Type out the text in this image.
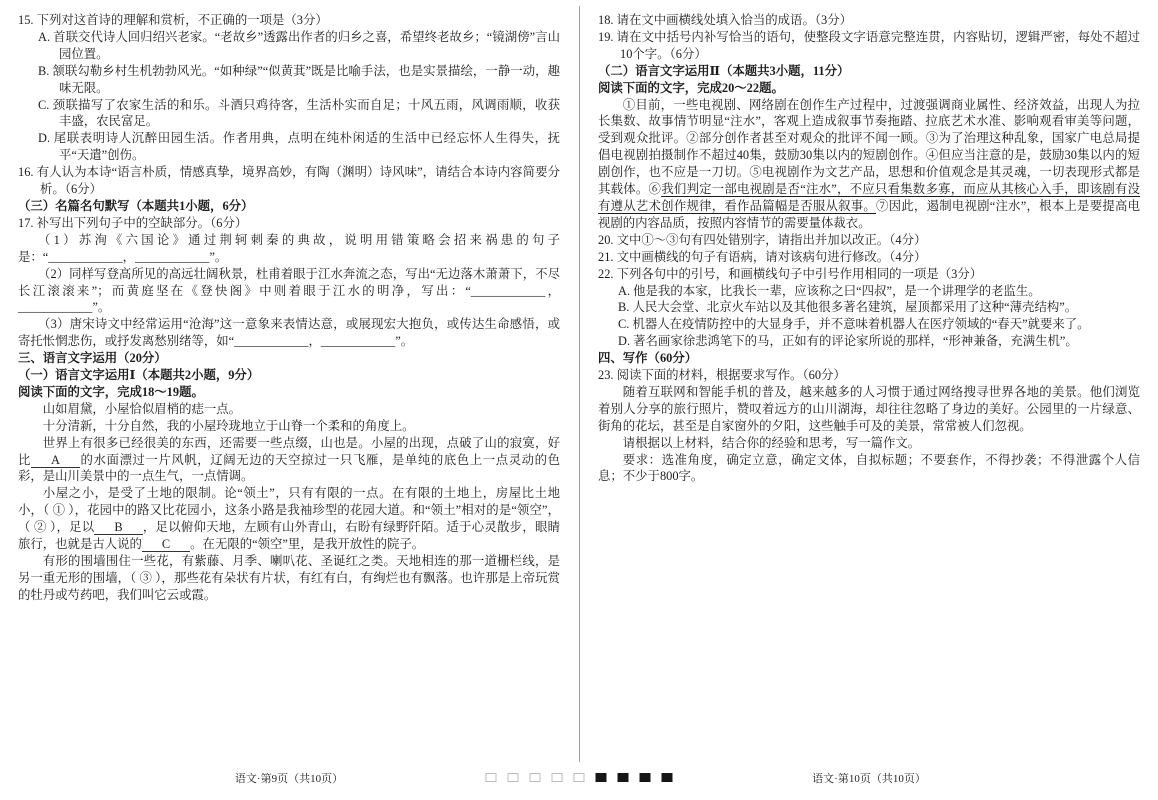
15. 下列对这首诗的理解和赏析，不正确的一项是（3分）
A. 首联交代诗人回归绍兴老家。“老故乡”透露出作者的归乡之喜，希望终老故乡；“镜湖傍”言山园位置。
B. 颔联勾勒乡村生机勃勃风光。“如种绿”“似黄萁”既是比喻手法，也是实景描绘，一静一动，趣味无限。
C. 颈联描写了农家生活的和乐。斗酒只鸡待客，生活朴实而自足；十风五雨，风调雨顺，收获丰盛，农民富足。
D. 尾联表明诗人沉醉田园生活。作者用典，点明在纯朴闲适的生活中已经忘怀人生得失，抚平“天遣”创伤。
16. 有人认为本诗“语言朴质，情感真挚，境界高妙，有陶（渊明）诗风味”，请结合本诗内容简要分析。（6分）
（三）名篇名句默写（本题共1小题，6分）
17. 补写出下列句子中的空缺部分。（6分）
（1）苏洵《六国论》通过荆轲刺秦的典故，说明用错策略会招来祸患的句子是：“____________，____________”。
（2）同样写登高所见的高远壮阔秋景，杜甫着眼于江水奔流之态，写出“无边落木萧萧下，不尽长江滚滚来”；而黄庭坚在《登快阁》中则着眼于江水的明净，写出：“____________，____________”。
（3）唐宋诗文中经常运用“沧海”这一意象来表情达意，或展现宏大抱负，或传达生命感悟，或寄托怅惘悲伤，或抒发离愁别绪等，如“____________，____________”。
三、语言文字运用（20分）
（一）语言文字运用Ⅰ（本题共2小题，9分）
阅读下面的文字，完成18～19题。
山如眉黛，小屋恰似眉梢的痣一点。
十分清新，十分自然，我的小屋玲珑地立于山脊一个柔和的角度上。
世界上有很多已经很美的东西，还需要一些点缀，山也是。小屋的出现，点破了山的寂寞，好比 A 的水面漂过一片风帆，辽阔无边的天空掠过一只飞雁，是单纯的底色上一点灵动的色彩，是山川美景中的一点生气，一点情调。
小屋之小，是受了土地的限制。论“领土”，只有有限的一点。在有限的土地上，房屋比土地小，（ ① ），花园中的路又比花园小，这条小路是我袖珍型的花园大道。和“领土”相对的是“领空”，（ ② ），足以 B ，足以俯仰天地，左顾有山外青山，右盼有绿野阡陌。适于心灵散步，眼睛旅行，也就是古人说的 C 。在无限的“领空”里，是我开放性的院子。
有形的围墙围住一些花，有紫藤、月季、喇叭花、圣诞红之类。天地相连的那一道栅栏线，是另一重无形的围墙，（ ③ ），那些花有朵状有片状，有红有白，有绚烂也有飘落。也许那是上帝玩赏的牡丹或芍药吧，我们叫它云或霞。
18. 请在文中画横线处填入恰当的成语。（3分）
19. 请在文中括号内补写恰当的语句，使整段文字语意完整连贯，内容贴切，逻辑严密，每处不超过10个字。（6分）
（二）语言文字运用Ⅱ（本题共3小题，11分）
阅读下面的文字，完成20～22题。
①目前，一些电视剧、网络剧在创作生产过程中，过渡强调商业属性、经济效益，出现人为拉长集数、故事情节明显“注水”，客观上造成叙事节奏拖踏、拉底艺术水准、影响观看审美等问题，受到观众批评。②部分创作者甚至对观众的批评不闻一顾。③为了治理这种乱象，国家广电总局提倡电视剧拍摄制作不超过40集，鼓励30集以内的短剧创作。④但应当注意的是，鼓励30集以内的短剧创作，也不应是一刀切。⑤电视剧作为文艺产品，思想和价值观念是其灵魂，一切表现形式都是其载体。⑥我们判定一部电视剧是否“注水”，不应只看集数多寡，而应从其核心入手，即该剧有没有遵从艺术创作规律，看作品篇幅是否服从叙事。⑦因此，遏制电视剧“注水”，根本上是要提高电视剧的内容品质，按照内容情节的需要量体裁衣。
20. 文中①～③句有四处错别字，请指出并加以改正。（4分）
21. 文中画横线的句子有语病，请对该病句进行修改。（4分）
22. 下列各句中的引号，和画横线句子中引号作用相同的一项是（3分）
A. 他是我的本家，比我长一辈，应该称之曰“四叔”，是一个讲理学的老监生。
B. 人民大会堂、北京火车站以及其他很多著名建筑，屋顶都采用了这种“薄壳结构”。
C. 机器人在疫情防控中的大显身手，并不意味着机器人在医疗领域的“春天”就要来了。
D. 著名画家徐悲鸿笔下的马，正如有的评论家所说的那样，“形神兼备，充满生机”。
四、写作（60分）
23. 阅读下面的材料，根据要求写作。（60分）
随着互联网和智能手机的普及，越来越多的人习惯于通过网络搜寻世界各地的美景。他们浏览着别人分享的旅行照片，赞叹着远方的山川湖海，却往往忽略了身边的美好。公园里的一片绿意、街角的花坛，甚至是自家窗外的夕阳，这些触手可及的美景，常常被人们忽视。
请根据以上材料，结合你的经验和思考，写一篇作文。
要求：选准角度，确定立意，确定文体，自拟标题；不要套作，不得抄袭；不得泄露个人信息；不少于800字。
语文·第9页（共10页）	语文·第10页（共10页）
